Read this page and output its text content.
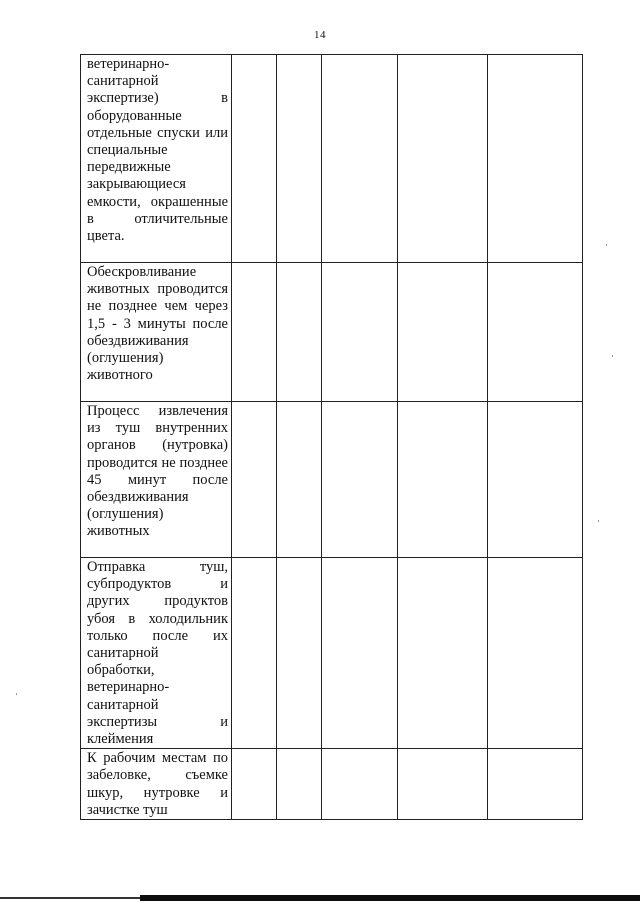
14
ветеринарно-санитарной экспертизе) в оборудованные отдельные спуски или специальные передвижные закрывающиеся емкости, окрашенные в отличительные цвета.					
Обескровливание животных проводится не позднее чем через 1,5 - 3 минуты после обездвиживания (оглушения) животного					
Процесс извлечения из туш внутренних органов (нутровка) проводится не позднее 45 минут после обездвиживания (оглушения) животных					
Отправка туш, субпродуктов и других продуктов убоя в холодильник только после их санитарной обработки, ветеринарно-санитарной экспертизы и клеймения					
К рабочим местам по забеловке, съемке шкур, нутровке и зачистке туш					
